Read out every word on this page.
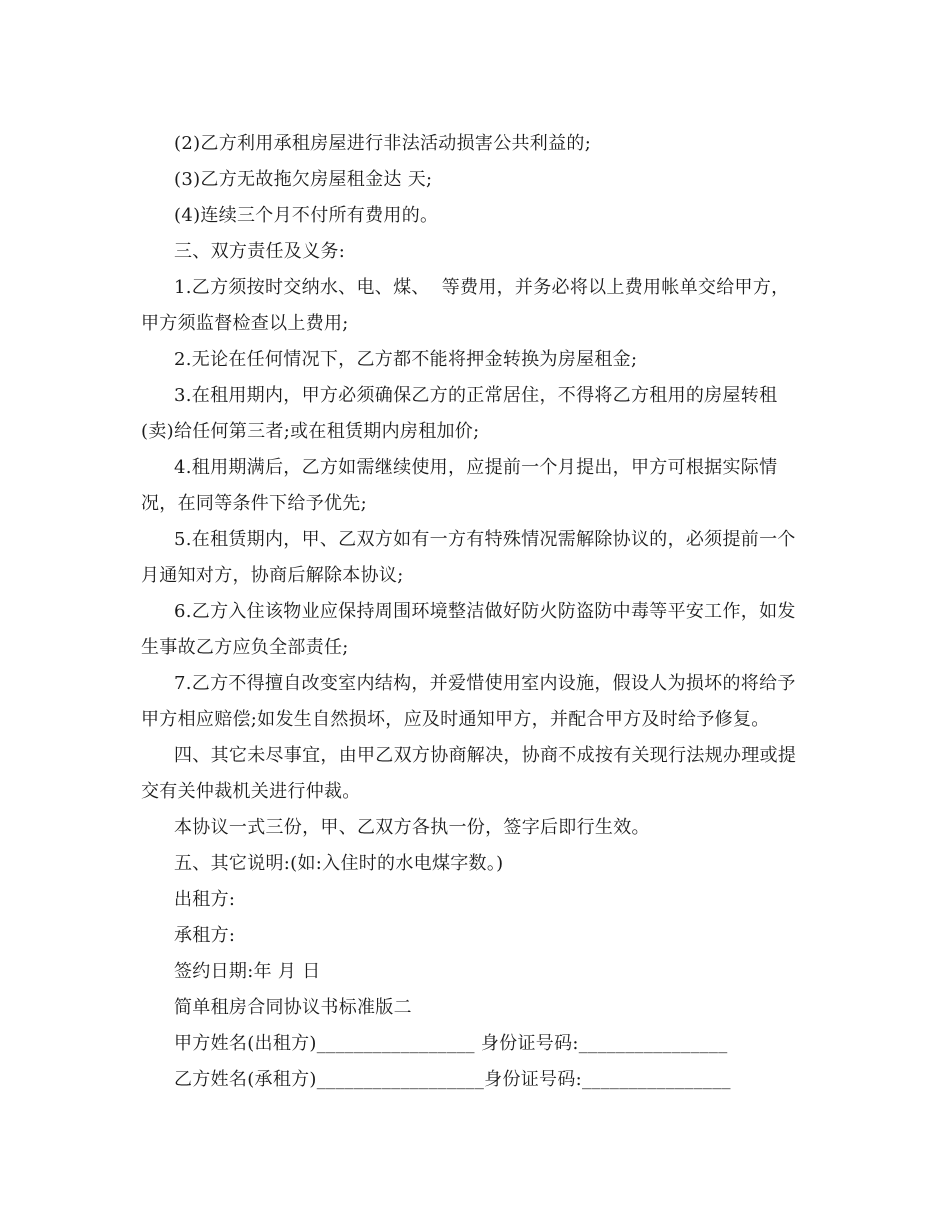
(2)乙方利用承租房屋进行非法活动损害公共利益的;
(3)乙方无故拖欠房屋租金达 天;
(4)连续三个月不付所有费用的。
三、双方责任及义务:
1.乙方须按时交纳水、电、煤、  等费用，并务必将以上费用帐单交给甲方，
甲方须监督检查以上费用;
2.无论在任何情况下，乙方都不能将押金转换为房屋租金;
3.在租用期内，甲方必须确保乙方的正常居住，不得将乙方租用的房屋转租
(卖)给任何第三者;或在租赁期内房租加价;
4.租用期满后，乙方如需继续使用，应提前一个月提出，甲方可根据实际情
况，在同等条件下给予优先;
5.在租赁期内，甲、乙双方如有一方有特殊情况需解除协议的，必须提前一个
月通知对方，协商后解除本协议;
6.乙方入住该物业应保持周围环境整洁做好防火防盗防中毒等平安工作，如发
生事故乙方应负全部责任;
7.乙方不得擅自改变室内结构，并爱惜使用室内设施，假设人为损坏的将给予
甲方相应赔偿;如发生自然损坏，应及时通知甲方，并配合甲方及时给予修复。
四、其它未尽事宜，由甲乙双方协商解决，协商不成按有关现行法规办理或提
交有关仲裁机关进行仲裁。
本协议一式三份，甲、乙双方各执一份，签字后即行生效。
五、其它说明:(如:入住时的水电煤字数。)
出租方:
承租方:
签约日期:年 月 日
简单租房合同协议书标准版二
甲方姓名(出租方)_________________ 身份证号码:________________
乙方姓名(承租方)__________________身份证号码:________________
